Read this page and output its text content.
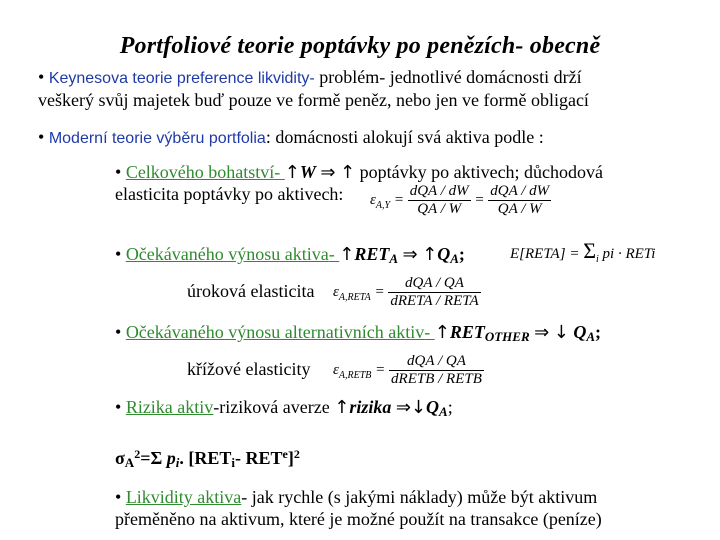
Portfoliové teorie poptávky po penězích- obecně
• Keynesova teorie preference likvidity- problém- jednotlivé domácnosti drží
veškerý svůj majetek buď pouze ve formě peněz, nebo jen ve formě obligací
• Moderní teorie výběru portfolia: domácnosti alokují svá aktiva podle :
• Celkového bohatství- ↑W ⇒ ↑ poptávky po aktivech; důchodová
elasticita poptávky po aktivech: $\varepsilon_{A,Y} = \frac{\text{dQA / dW}}{QA / W} = \frac{\text{dQA / dW}}{QA / W}$
• Očekávaného výnosu aktiva- $↑RET_A$ ⇒ $↑Q_A$;	E[RETA] = $\Sigma_i$ pi · RETi
úroková elasticita $\varepsilon_{A,RETA} = \frac{\text{dQA / QA}}{\text{dRETA / RETA}}$
• Očekávaného výnosu alternativních aktiv- $↑RET_{OTHER}$ ⇒ ↓ $Q_A$;
křížové elasticity $\varepsilon_{A,RETB} = \frac{\text{dQA / QA}}{\text{dRETB / RETB}}$
• Rizika aktiv-riziková averze ↑rizika $\Rightarrow↓Q_A$;
$\sigma_A^2=\Sigma$ $p_i$. [$RET_i-$ RET$^e$]$^2$
• Likvidity aktiva- jak rychle (s jakými náklady) může být aktivum
přeměněno na aktivum, které je možné použít na transakce (peníze)
